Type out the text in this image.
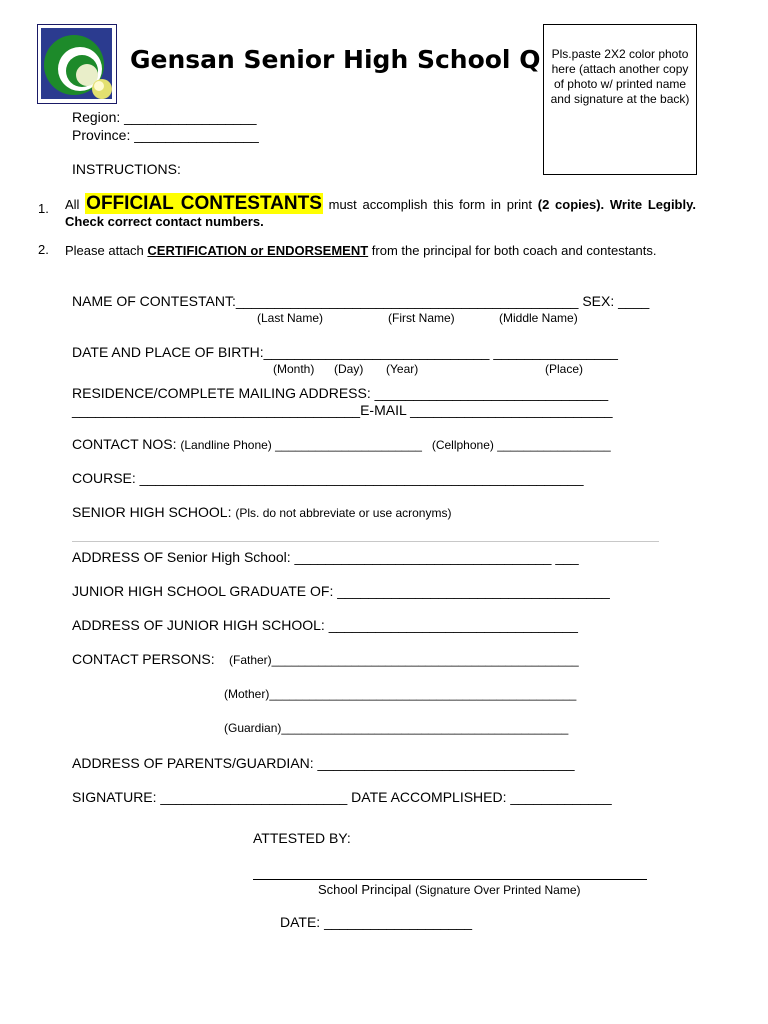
Gensan Senior High School Q
Region: _________________
Province: ________________
Pls.paste 2X2 color photo here (attach another copy of photo w/ printed name and signature at the back)
INSTRUCTIONS:
1. All OFFICIAL CONTESTANTS must accomplish this form in print (2 copies). Write Legibly. Check correct contact numbers.
2. Please attach CERTIFICATION or ENDORSEMENT from the principal for both coach and contestants.
NAME OF CONTESTANT:____________________________________________ SEX: ____
(Last Name)	(First Name)	(Middle Name)
DATE AND PLACE OF BIRTH:_____________________________ ________________
(Month) (Day) (Year)	(Place)
RESIDENCE/COMPLETE MAILING ADDRESS: ______________________________
_____________________________________E-MAIL __________________________
CONTACT NOS: (Landline Phone) ______________________ (Cellphone) _________________
COURSE: _________________________________________________________
SENIOR HIGH SCHOOL: (Pls. do not abbreviate or use acronyms)
ADDRESS OF Senior High School: _________________________________ ___
JUNIOR HIGH SCHOOL GRADUATE OF: ___________________________________
ADDRESS OF JUNIOR HIGH SCHOOL: ________________________________
CONTACT PERSONS: (Father)______________________________________________
(Mother)______________________________________________
(Guardian)___________________________________________
ADDRESS OF PARENTS/GUARDIAN: _________________________________
SIGNATURE: ________________________ DATE ACCOMPLISHED: _____________
ATTESTED BY:
School Principal (Signature Over Printed Name)
DATE: ___________________
